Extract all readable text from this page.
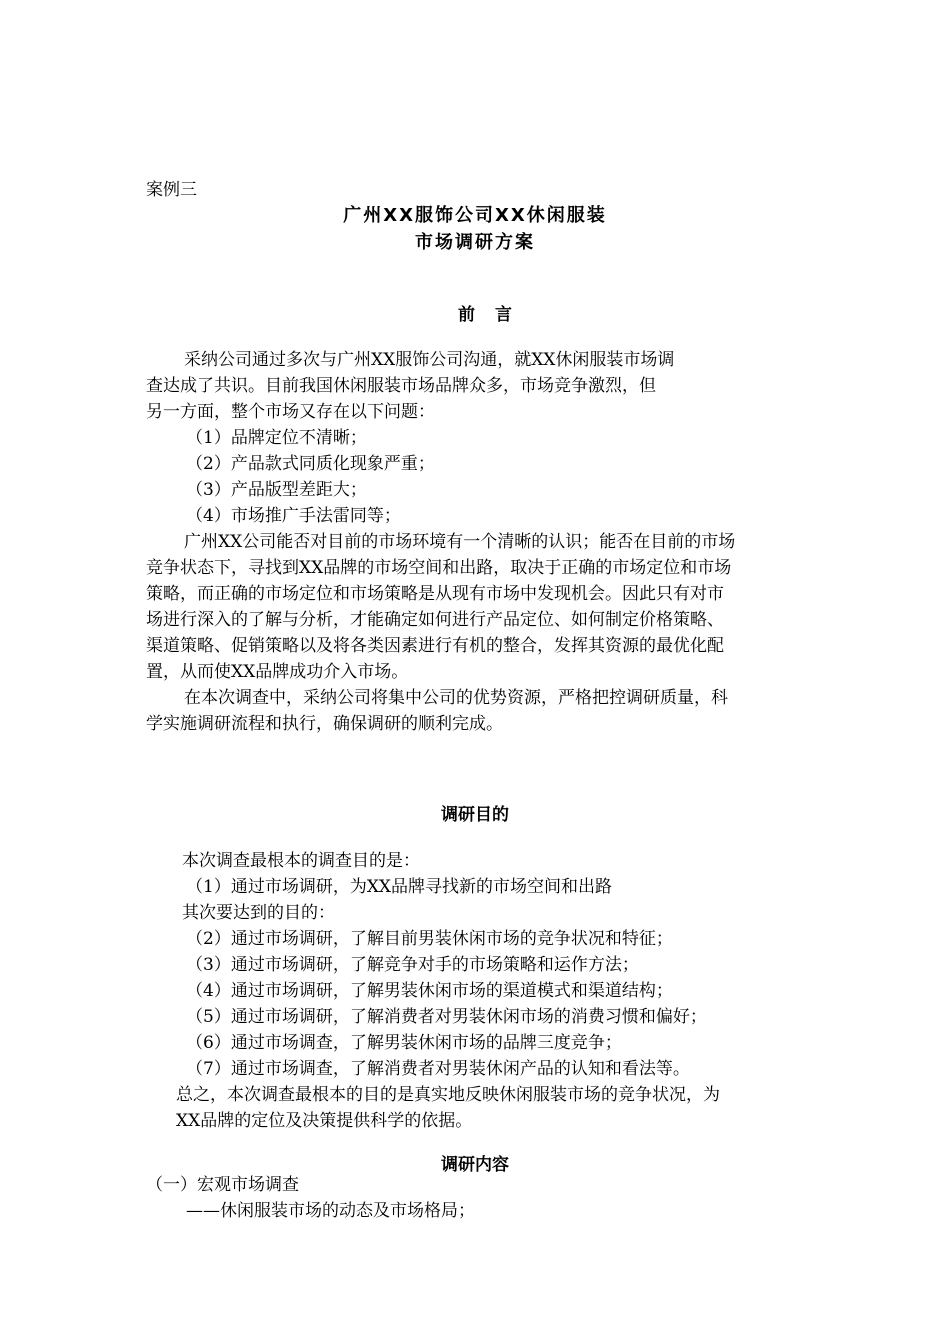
案例三
广州XX服饰公司XX休闲服装
市场调研方案
前言
采纳公司通过多次与广州XX服饰公司沟通，就XX休闲服装市场调
查达成了共识。目前我国休闲服装市场品牌众多，市场竞争激烈，但
另一方面，整个市场又存在以下问题：
（1）品牌定位不清晰；
（2）产品款式同质化现象严重；
（3）产品版型差距大；
（4）市场推广手法雷同等；
广州XX公司能否对目前的市场环境有一个清晰的认识；能否在目前的市场
竞争状态下，寻找到XX品牌的市场空间和出路，取决于正确的市场定位和市场
策略，而正确的市场定位和市场策略是从现有市场中发现机会。因此只有对市
场进行深入的了解与分析，才能确定如何进行产品定位、如何制定价格策略、
渠道策略、促销策略以及将各类因素进行有机的整合，发挥其资源的最优化配
置，从而使XX品牌成功介入市场。
在本次调查中，采纳公司将集中公司的优势资源，严格把控调研质量，科
学实施调研流程和执行，确保调研的顺利完成。
调研目的
本次调查最根本的调查目的是：
（1）通过市场调研，为XX品牌寻找新的市场空间和出路
其次要达到的目的：
（2）通过市场调研，了解目前男装休闲市场的竞争状况和特征；
（3）通过市场调研，了解竞争对手的市场策略和运作方法；
（4）通过市场调研，了解男装休闲市场的渠道模式和渠道结构；
（5）通过市场调研，了解消费者对男装休闲市场的消费习惯和偏好；
（6）通过市场调查，了解男装休闲市场的品牌三度竞争；
（7）通过市场调查，了解消费者对男装休闲产品的认知和看法等。
总之，本次调查最根本的目的是真实地反映休闲服装市场的竞争状况，为
XX品牌的定位及决策提供科学的依据。
调研内容
（一）宏观市场调查
——休闲服装市场的动态及市场格局；
